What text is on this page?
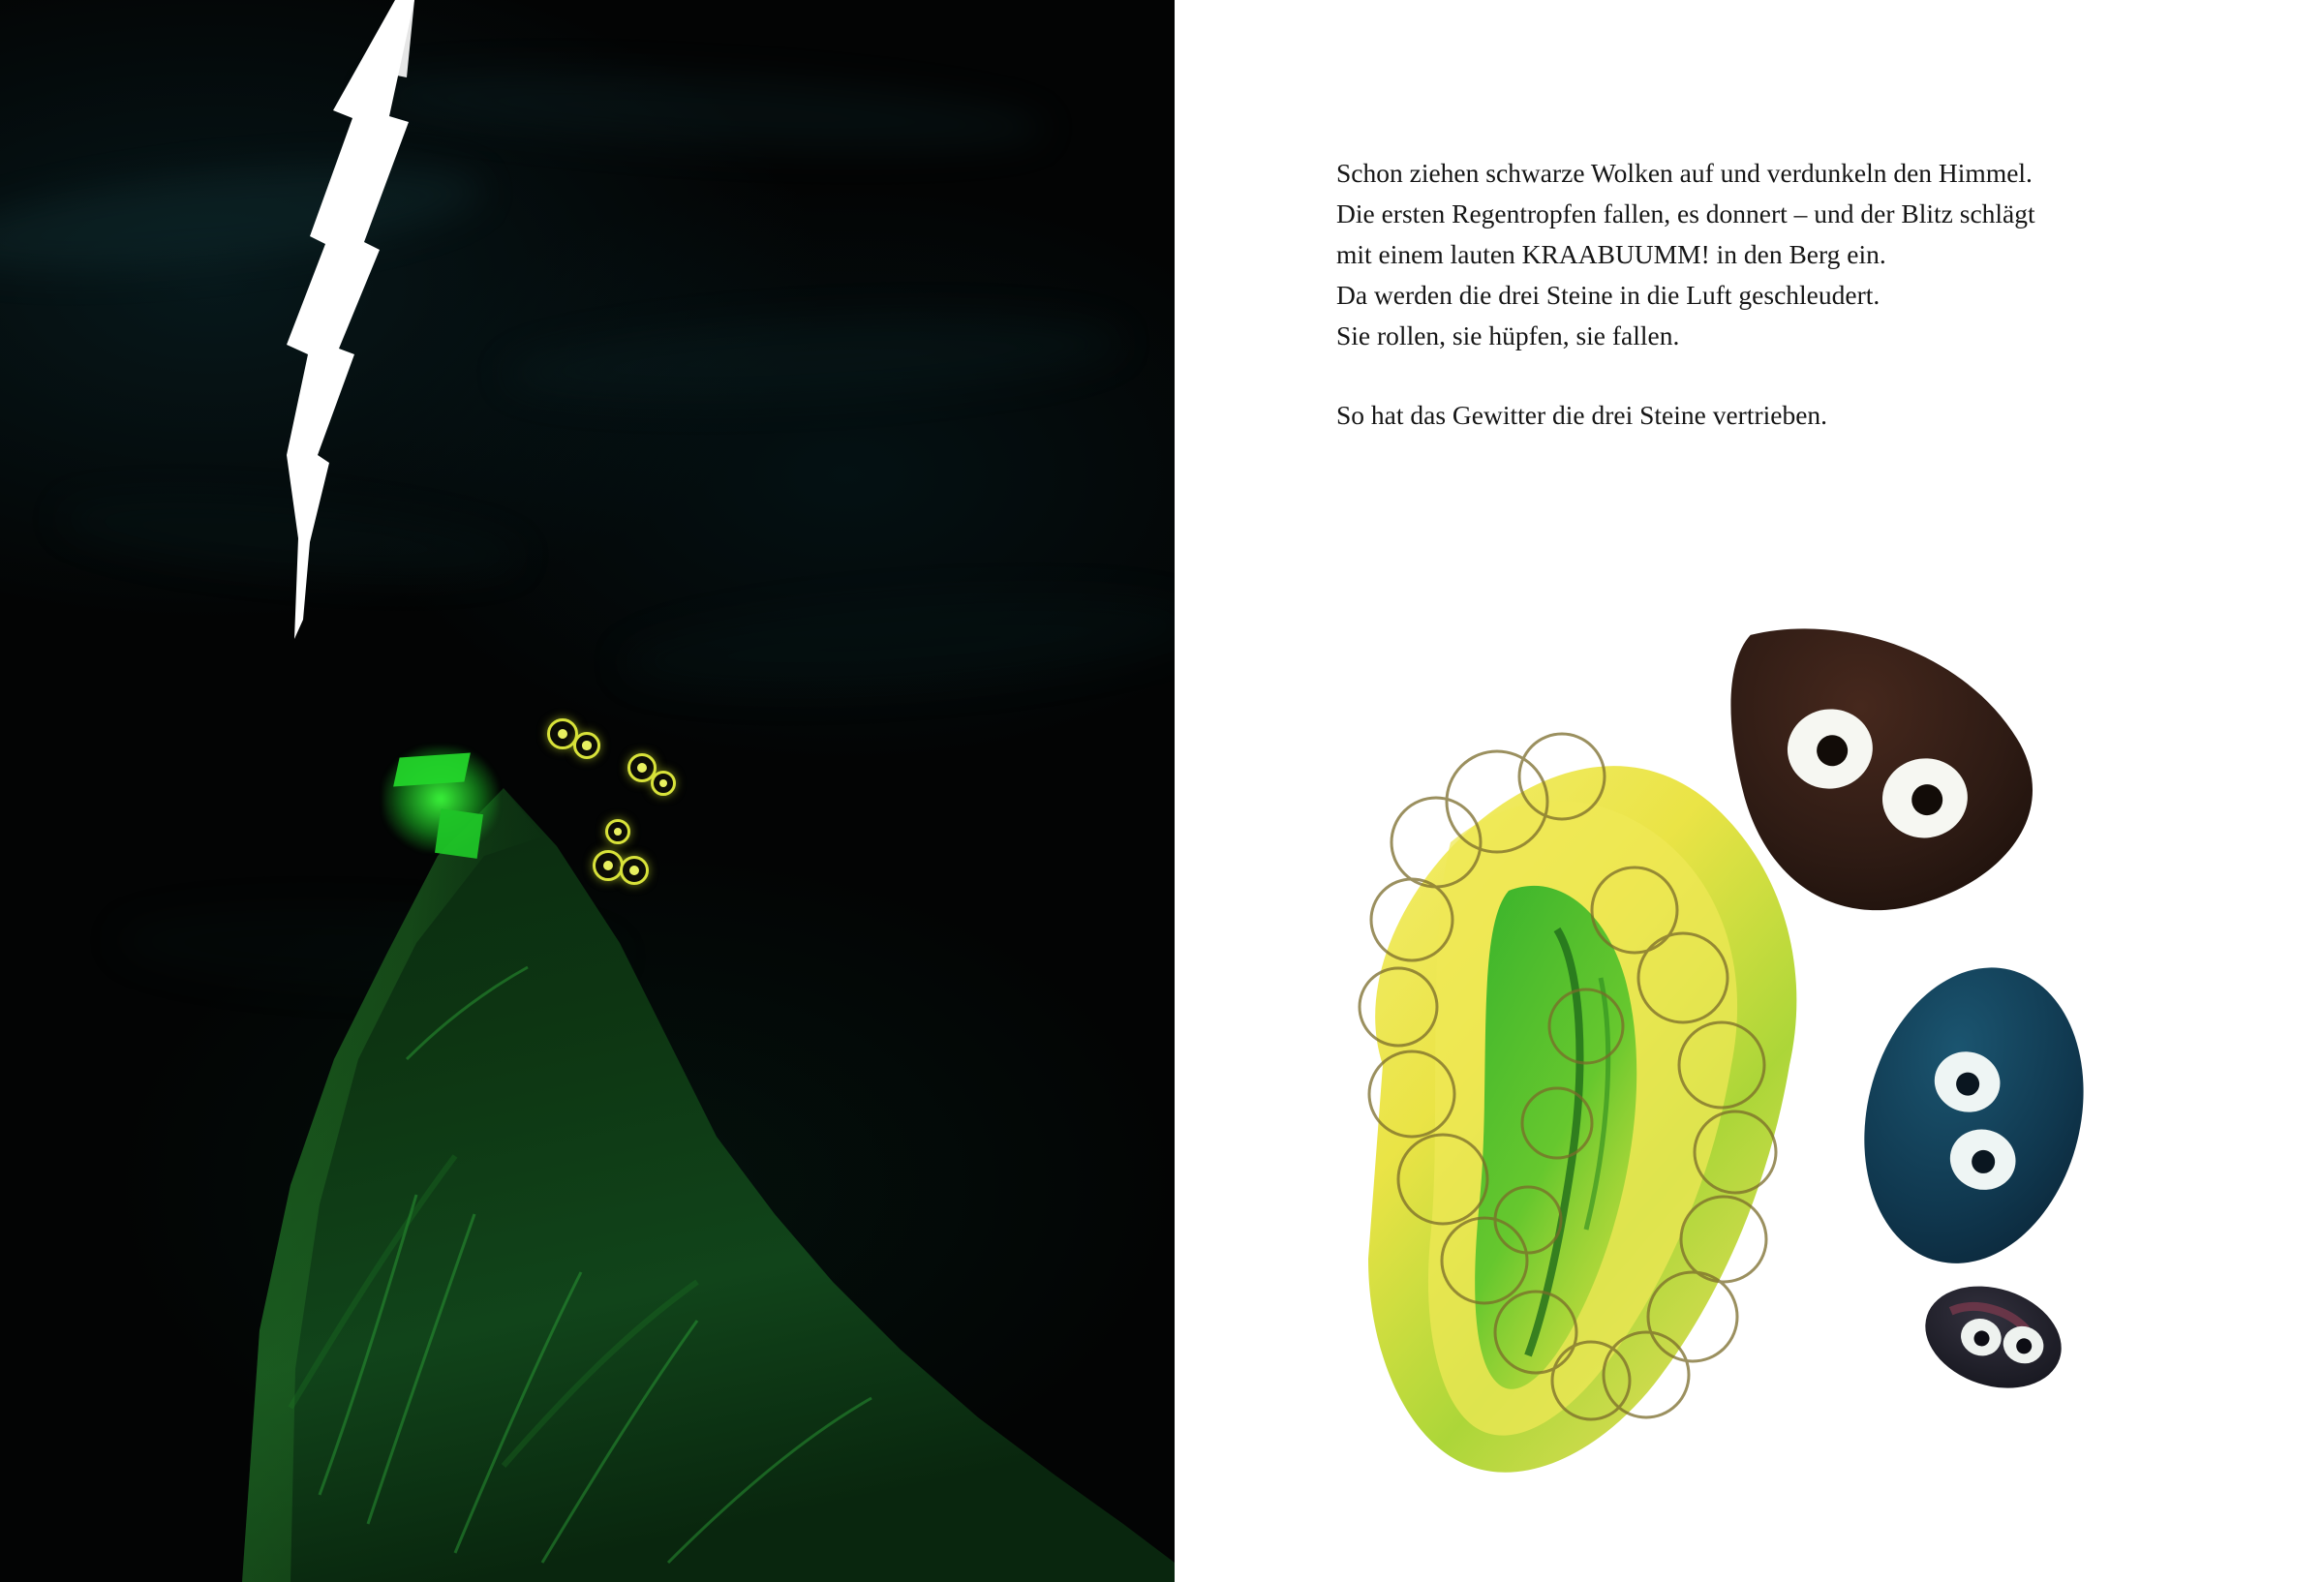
Schon ziehen schwarze Wolken auf und verdunkeln den Himmel.

Die ersten Regentropfen fallen, es donnert – und der Blitz schlägt

mit einem lauten KRAABUUMM! in den Berg ein.

Da werden die drei Steine in die Luft geschleudert.

Sie rollen, sie hüpfen, sie fallen.

So hat das Gewitter die drei Steine vertrieben.
